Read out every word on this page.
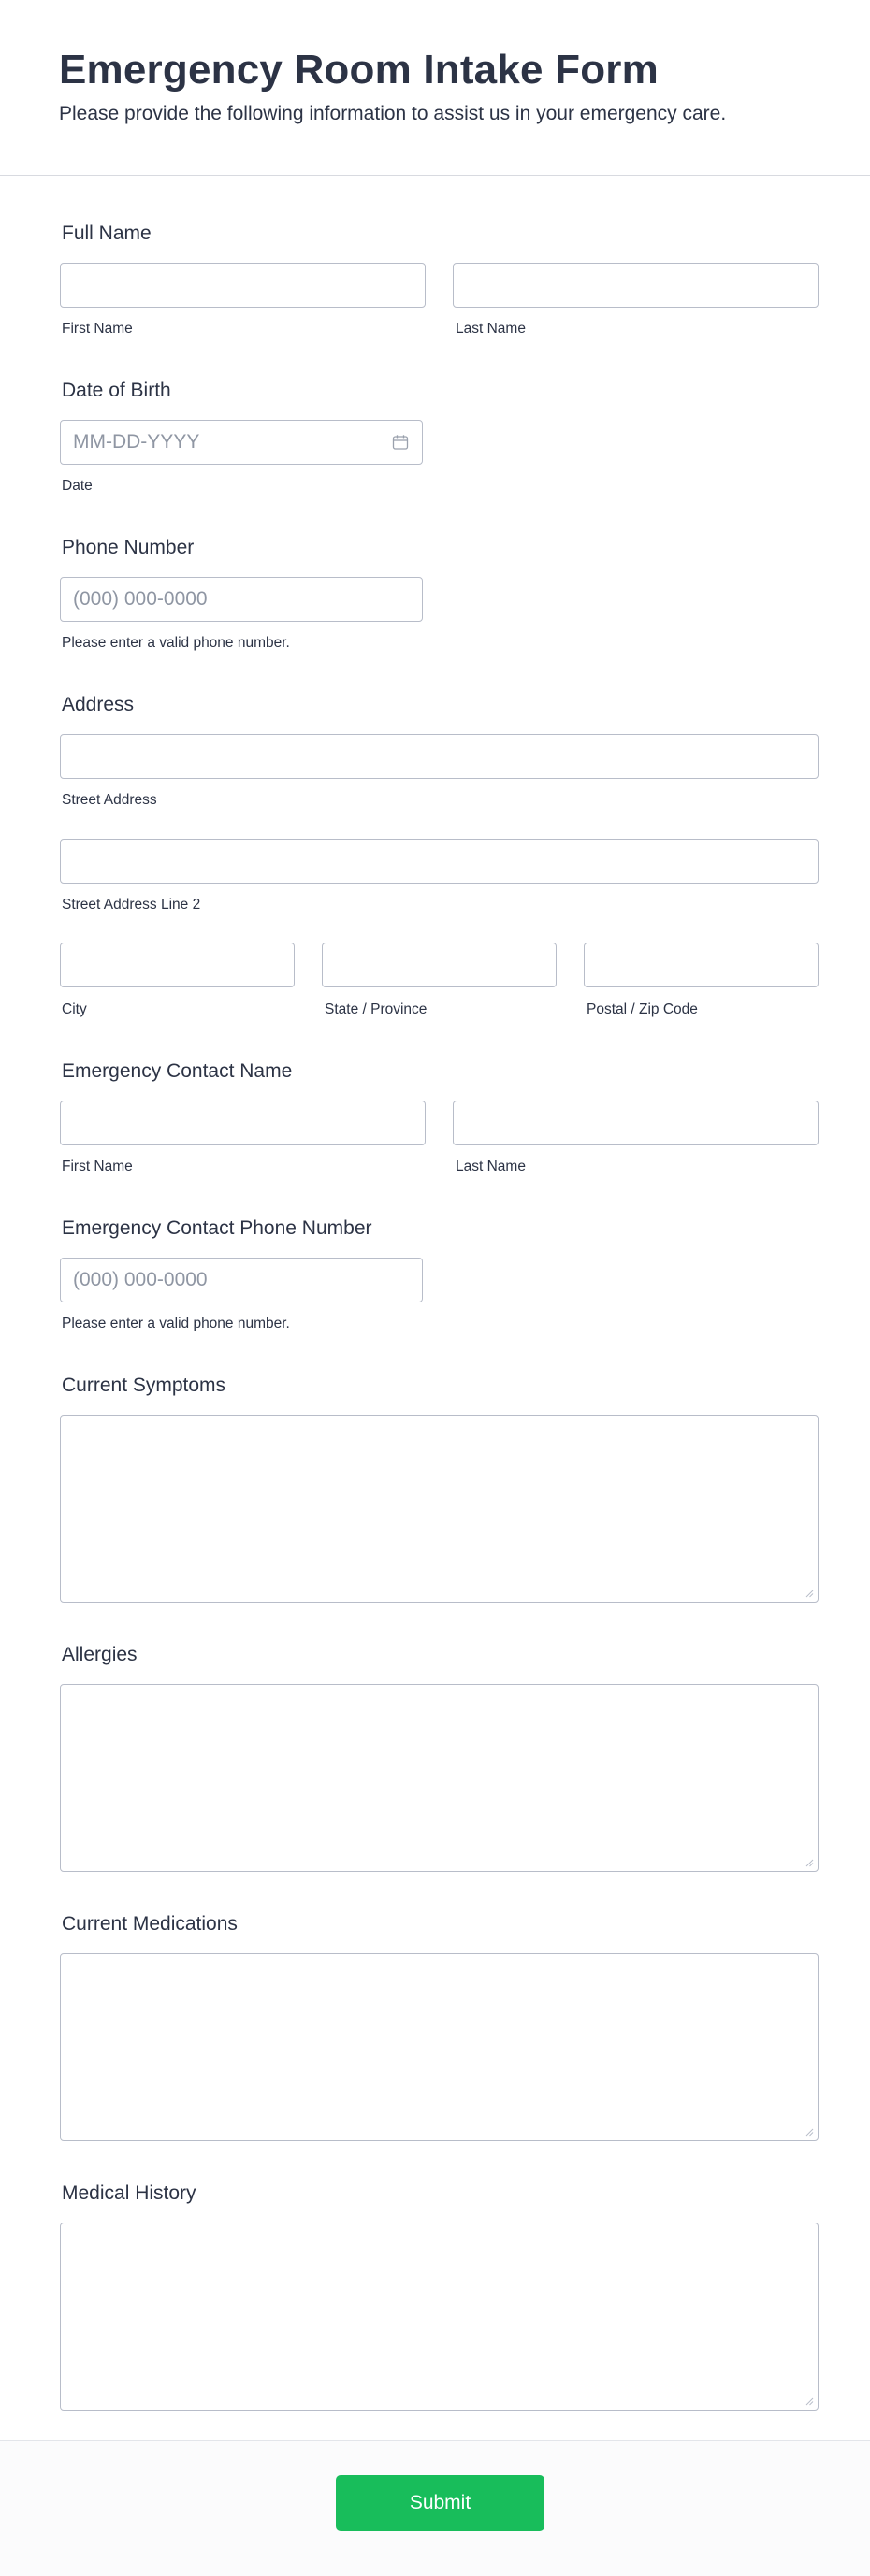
Emergency Room Intake Form
Please provide the following information to assist us in your emergency care.
Full Name
First Name	Last Name
Date of Birth
MM-DD-YYYY
Date
Phone Number
(000) 000-0000
Please enter a valid phone number.
Address
Street Address
Street Address Line 2
City	State / Province	Postal / Zip Code
Emergency Contact Name
First Name	Last Name
Emergency Contact Phone Number
(000) 000-0000
Please enter a valid phone number.
Current Symptoms
Allergies
Current Medications
Medical History
Submit
